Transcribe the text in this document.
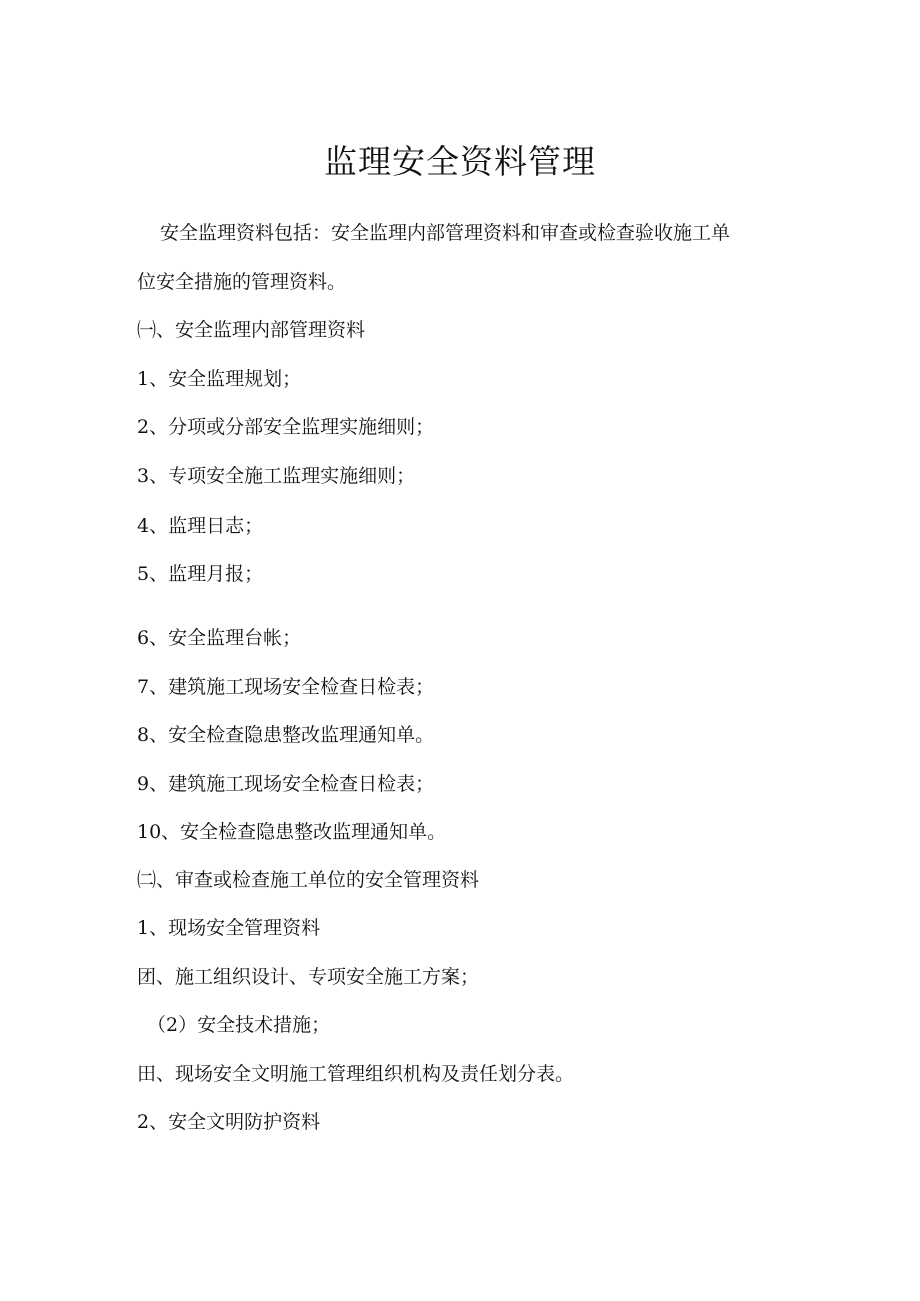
监理安全资料管理
安全监理资料包括：安全监理内部管理资料和审查或检查验收施工单
位安全措施的管理资料。
㈠、安全监理内部管理资料
1、安全监理规划；
2、分项或分部安全监理实施细则；
3、专项安全施工监理实施细则；
4、监理日志；
5、监理月报；
6、安全监理台帐；
7、建筑施工现场安全检查日检表；
8、安全检查隐患整改监理通知单。
9、建筑施工现场安全检查日检表；
10、安全检查隐患整改监理通知单。
㈡、审查或检查施工单位的安全管理资料
1、现场安全管理资料
团、施工组织设计、专项安全施工方案；
（2）安全技术措施；
田、现场安全文明施工管理组织机构及责任划分表。
2、安全文明防护资料
